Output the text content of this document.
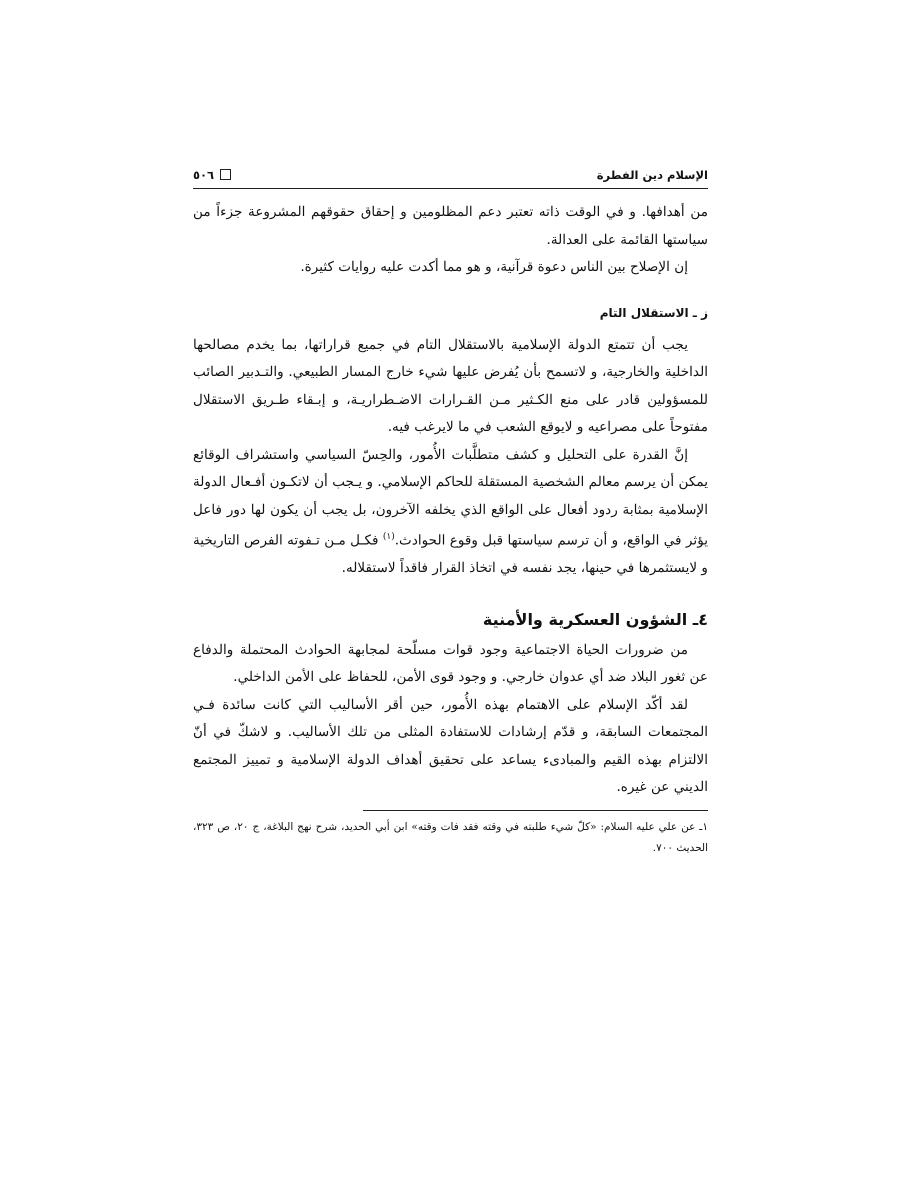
الإسلام دين الفطرة
٥٠٦

من أهدافها. و في الوقت ذاته تعتبر دعم المظلومين و إحقاق حقوقهم المشروعة جزءاً من سياستها القائمة على العدالة.

إن الإصلاح بين الناس دعوة قرآنية، و هو مما أكدت عليه روايات كثيرة.

ز ـ الاستقلال التام

يجب أن تتمتع الدولة الإسلامية بالاستقلال التام في جميع قراراتها، بما يخدم مصالحها الداخلية والخارجية، و لاتسمح بأن يُفرض عليها شيء خارج المسار الطبيعي. والتـدبير الصائب للمسؤولين قادر على منع الكـثير مـن القـرارات الاضـطراريـة، و إبـقاء طـريق الاستقلال مفتوحاً على مصراعيه و لايوقع الشعب في ما لايرغب فيه.

إنَّ القدرة على التحليل و كشف متطلَّبات الأُمور، والحِسّ السياسي واستشراف الوقائع يمكن أن يرسم معالم الشخصية المستقلة للحاكم الإسلامي. و يـجب أن لاتكـون أفـعال الدولة الإسلامية بمثابة ردود أفعال على الواقع الذي يخلفه الآخرون، بل يجب أن يكون لها دور فاعل يؤثر في الواقع، و أن ترسم سياستها قبل وقوع الحوادث.$^{(١)}$ فكـل مـن تـفوته الفرص التاريخية و لايستثمرها في حينها، يجد نفسه في اتخاذ القرار فاقداً لاستقلاله.

٤ـ الشؤون العسكرية والأمنية

من ضرورات الحياة الاجتماعية وجود قوات مسلّحة لمجابهة الحوادث المحتملة والدفاع عن ثغور البلاد ضد أي عدوان خارجي. و وجود قوى الأمن، للحفاظ على الأمن الداخلي.

لقد أكّد الإسلام على الاهتمام بهذه الأُمور، حين أقر الأساليب التي كانت سائدة فـي المجتمعات السابقة، و قدّم إرشادات للاستفادة المثلى من تلك الأساليب. و لاشكّ في أنّ الالتزام بهذه القيم والمبادىء يساعد على تحقيق أهداف الدولة الإسلامية و تمييز المجتمع الديني عن غيره.

١ـ عن علي عليه السلام: «كلّ شيء طلبته في وقته فقد فات وقته» ابن أبي الحديد، شرح نهج البلاغة، ج ٢٠، ص ٣٢٣، الحديث ٧٠٠.
